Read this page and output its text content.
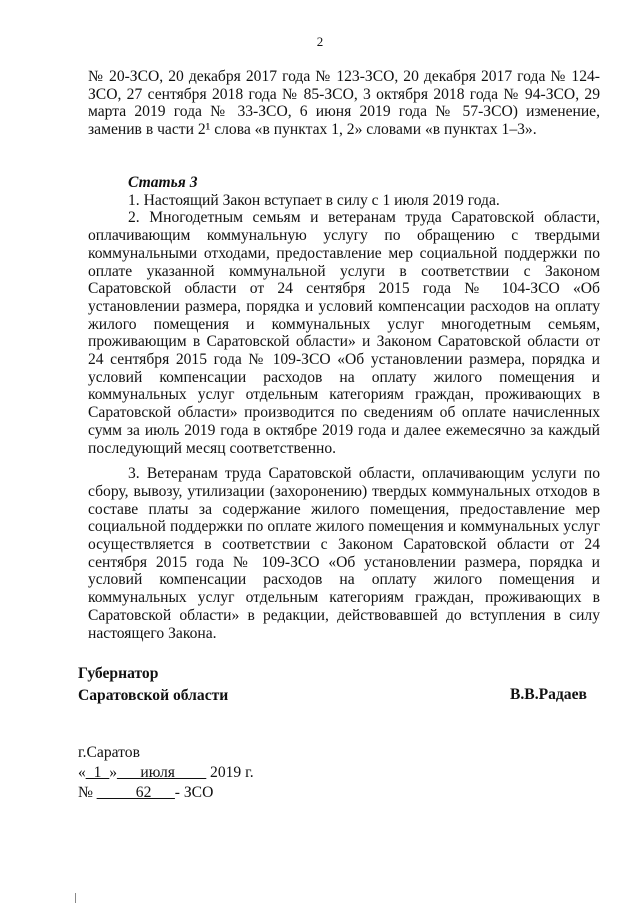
2
№ 20-ЗСО, 20 декабря 2017 года № 123-ЗСО, 20 декабря 2017 года № 124-ЗСО, 27 сентября 2018 года № 85-ЗСО, 3 октября 2018 года № 94-ЗСО, 29 марта 2019 года № 33-ЗСО, 6 июня 2019 года № 57-ЗСО) изменение, заменив в части 2¹ слова «в пунктах 1, 2» словами «в пунктах 1–3».

Статья 3

1. Настоящий Закон вступает в силу с 1 июля 2019 года.

2. Многодетным семьям и ветеранам труда Саратовской области, оплачивающим коммунальную услугу по обращению с твердыми коммунальными отходами, предоставление мер социальной поддержки по оплате указанной коммунальной услуги в соответствии с Законом Саратовской области от 24 сентября 2015 года № 104-ЗСО «Об установлении размера, порядка и условий компенсации расходов на оплату жилого помещения и коммунальных услуг многодетным семьям, проживающим в Саратовской области» и Законом Саратовской области от 24 сентября 2015 года № 109-ЗСО «Об установлении размера, порядка и условий компенсации расходов на оплату жилого помещения и коммунальных услуг отдельным категориям граждан, проживающих в Саратовской области» производится по сведениям об оплате начисленных сумм за июль 2019 года в октябре 2019 года и далее ежемесячно за каждый последующий месяц соответственно.

3. Ветеранам труда Саратовской области, оплачивающим услуги по сбору, вывозу, утилизации (захоронению) твердых коммунальных отходов в составе платы за содержание жилого помещения, предоставление мер социальной поддержки по оплате жилого помещения и коммунальных услуг осуществляется в соответствии с Законом Саратовской области от 24 сентября 2015 года № 109-ЗСО «Об установлении размера, порядка и условий компенсации расходов на оплату жилого помещения и коммунальных услуг отдельным категориям граждан, проживающих в Саратовской области» в редакции, действовавшей до вступления в силу настоящего Закона.

Губернатор
Саратовской области	В.В.Радаев
г.Саратов
«_1_»___июля____ 2019 г.
№ _____62___- ЗСО
